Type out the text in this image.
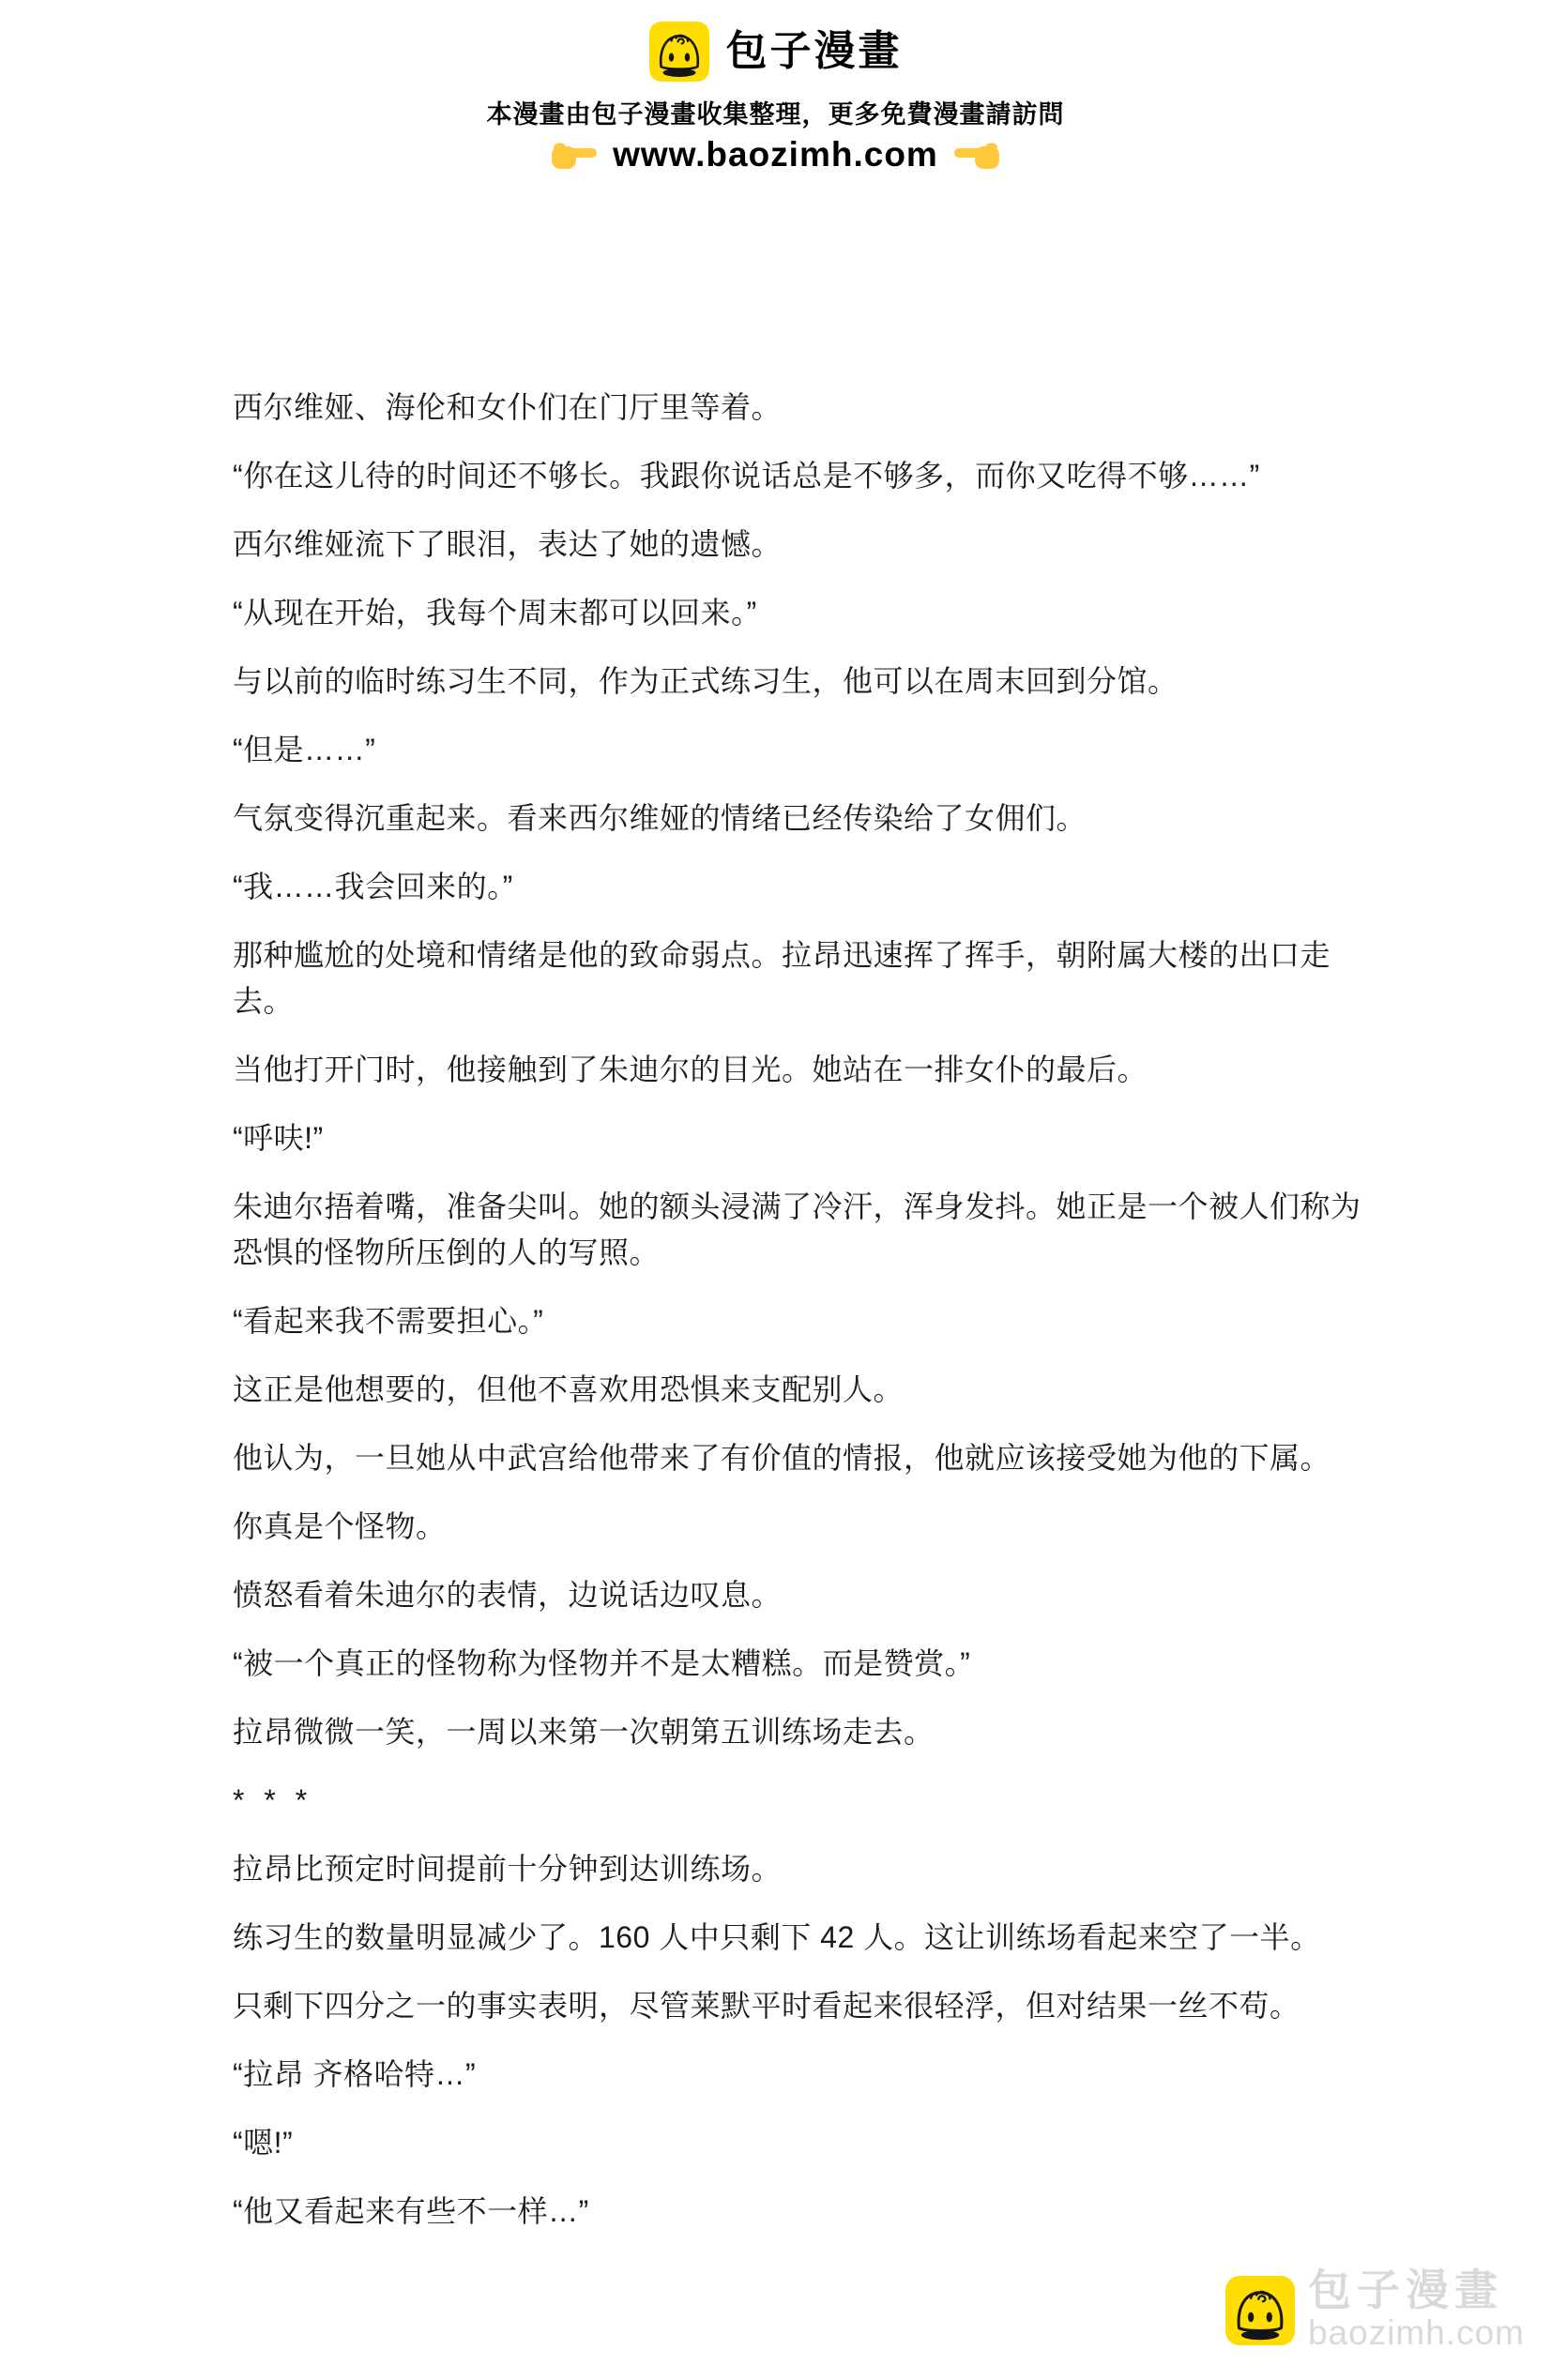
包子漫畫
本漫畫由包子漫畫收集整理，更多免費漫畫請訪問
www.baozimh.com

西尔维娅、海伦和女仆们在门厅里等着。

“你在这儿待的时间还不够长。我跟你说话总是不够多，而你又吃得不够……”

西尔维娅流下了眼泪，表达了她的遗憾。

“从现在开始，我每个周末都可以回来。”

与以前的临时练习生不同，作为正式练习生，他可以在周末回到分馆。

“但是……”

气氛变得沉重起来。看来西尔维娅的情绪已经传染给了女佣们。

“我……我会回来的。”

那种尴尬的处境和情绪是他的致命弱点。拉昂迅速挥了挥手，朝附属大楼的出口走去。

当他打开门时，他接触到了朱迪尔的目光。她站在一排女仆的最后。

“呼呋!”

朱迪尔捂着嘴，准备尖叫。她的额头浸满了冷汗，浑身发抖。她正是一个被人们称为恐惧的怪物所压倒的人的写照。

“看起来我不需要担心。”

这正是他想要的，但他不喜欢用恐惧来支配别人。

他认为，一旦她从中武宫给他带来了有价值的情报，他就应该接受她为他的下属。

你真是个怪物。

愤怒看着朱迪尔的表情，边说话边叹息。

“被一个真正的怪物称为怪物并不是太糟糕。而是赞赏。”

拉昂微微一笑，一周以来第一次朝第五训练场走去。

* * *

拉昂比预定时间提前十分钟到达训练场。

练习生的数量明显减少了。160 人中只剩下 42 人。这让训练场看起来空了一半。

只剩下四分之一的事实表明，尽管莱默平时看起来很轻浮，但对结果一丝不苟。

“拉昂 齐格哈特…”

“嗯!”

“他又看起来有些不一样…”

包子漫畫
baozimh.com
